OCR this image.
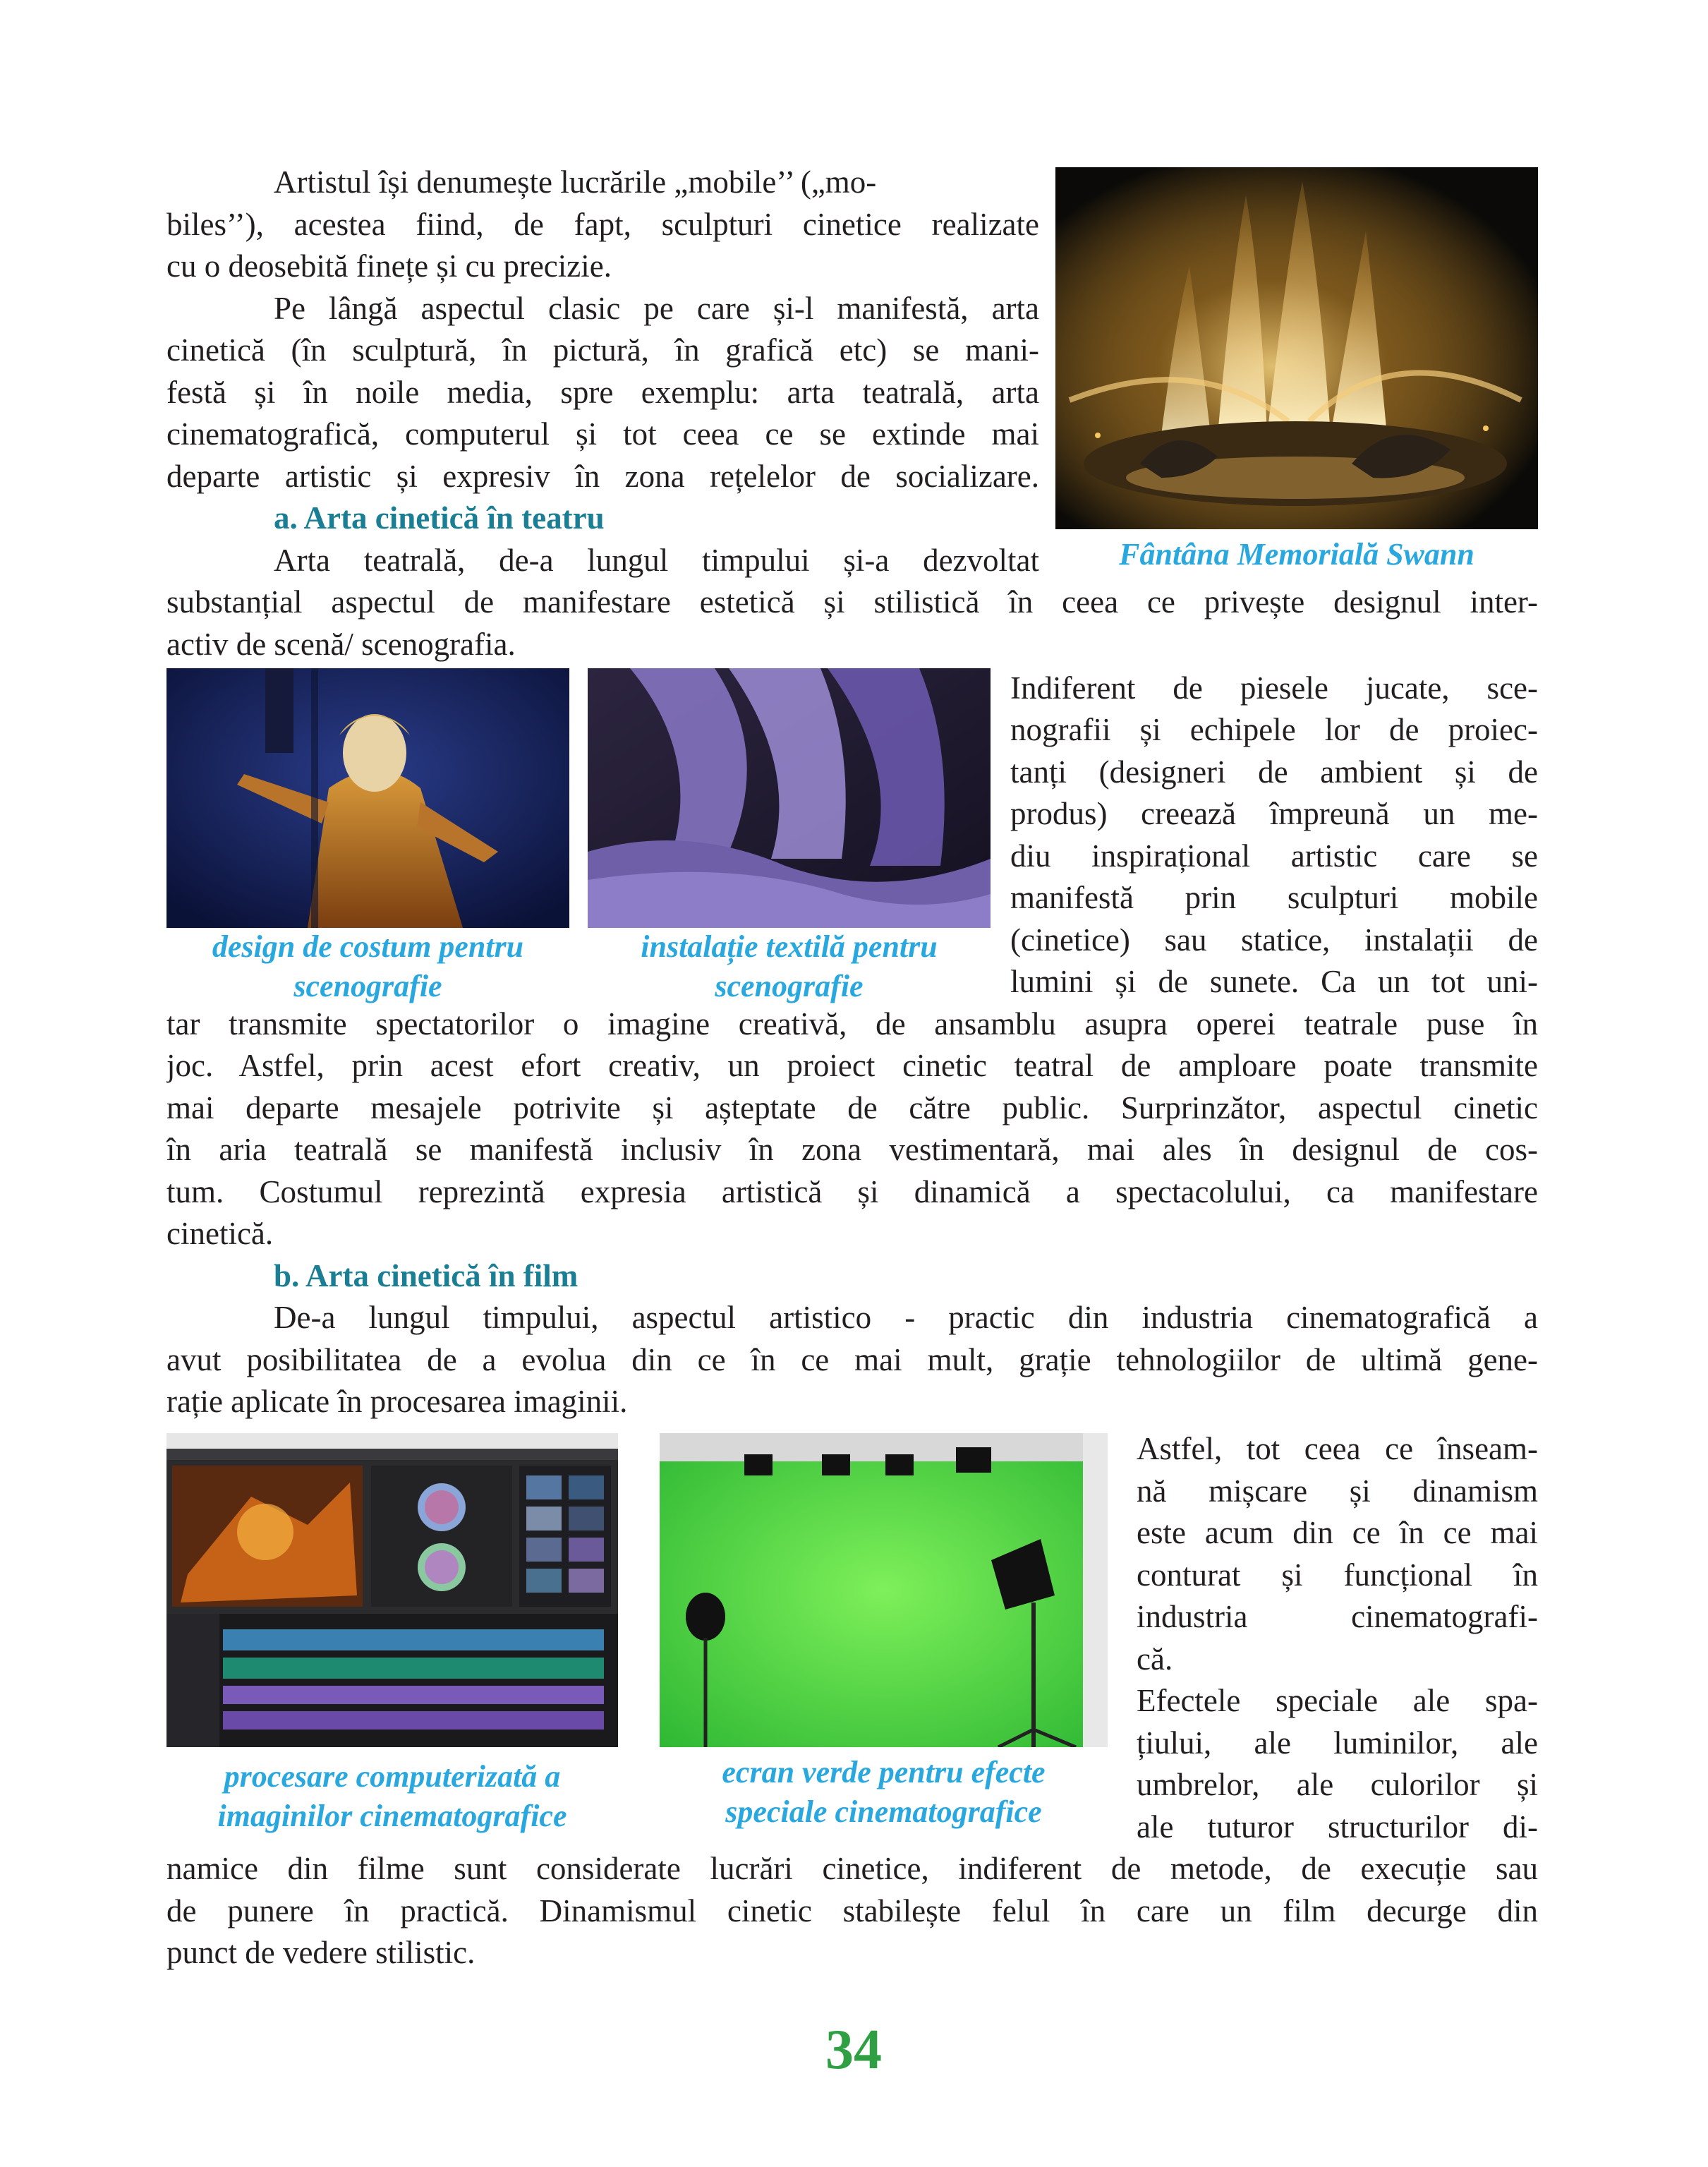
Artistul își denumește lucrările „mobile’’ („mo-
biles’’), acestea fiind, de fapt, sculpturi cinetice realizate
cu o deosebită finețe și cu precizie.
Pe lângă aspectul clasic pe care și-l manifestă, arta
cinetică (în sculptură, în pictură, în grafică etc) se mani-
festă și în noile media, spre exemplu: arta teatrală, arta
cinematografică, computerul și tot ceea ce se extinde mai
departe artistic și expresiv în zona rețelelor de socializare.
Fântâna Memorială Swann
a. Arta cinetică în teatru
Arta teatrală, de-a lungul timpului și-a dezvoltat
substanțial aspectul de manifestare estetică și stilistică în ceea ce privește designul inter-
activ de scenă/ scenografia.
design de costum pentru
scenografie
instalație textilă pentru
scenografie
Indiferent de piesele jucate, sce-
nografii și echipele lor de proiec-
tanți (designeri de ambient și de
produs) creează împreună un me-
diu inspirațional artistic care se
manifestă prin sculpturi mobile
(cinetice) sau statice, instalații de
lumini și de sunete. Ca un tot uni-
tar transmite spectatorilor o imagine creativă, de ansamblu asupra operei teatrale puse în
joc. Astfel, prin acest efort creativ, un proiect cinetic teatral de amploare poate transmite
mai departe mesajele potrivite și așteptate de către public. Surprinzător, aspectul cinetic
în aria teatrală se manifestă inclusiv în zona vestimentară, mai ales în designul de cos-
tum. Costumul reprezintă expresia artistică și dinamică a spectacolului, ca manifestare
cinetică.
b. Arta cinetică în film
De-a lungul timpului, aspectul artistico - practic din industria cinematografică a
avut posibilitatea de a evolua din ce în ce mai mult, grație tehnologiilor de ultimă gene-
rație aplicate în procesarea imaginii.
procesare computerizată a
imaginilor cinematografice
ecran verde pentru efecte
speciale cinematografice
Astfel, tot ceea ce înseam-
nă mișcare și dinamism
este acum din ce în ce mai
conturat și funcțional în
industria cinematografi-
că.
Efectele speciale ale spa-
țiului, ale luminilor, ale
umbrelor, ale culorilor și
ale tuturor structurilor di-
namice din filme sunt considerate lucrări cinetice, indiferent de metode, de execuție sau
de punere în practică. Dinamismul cinetic stabilește felul în care un film decurge din
punct de vedere stilistic.
34
